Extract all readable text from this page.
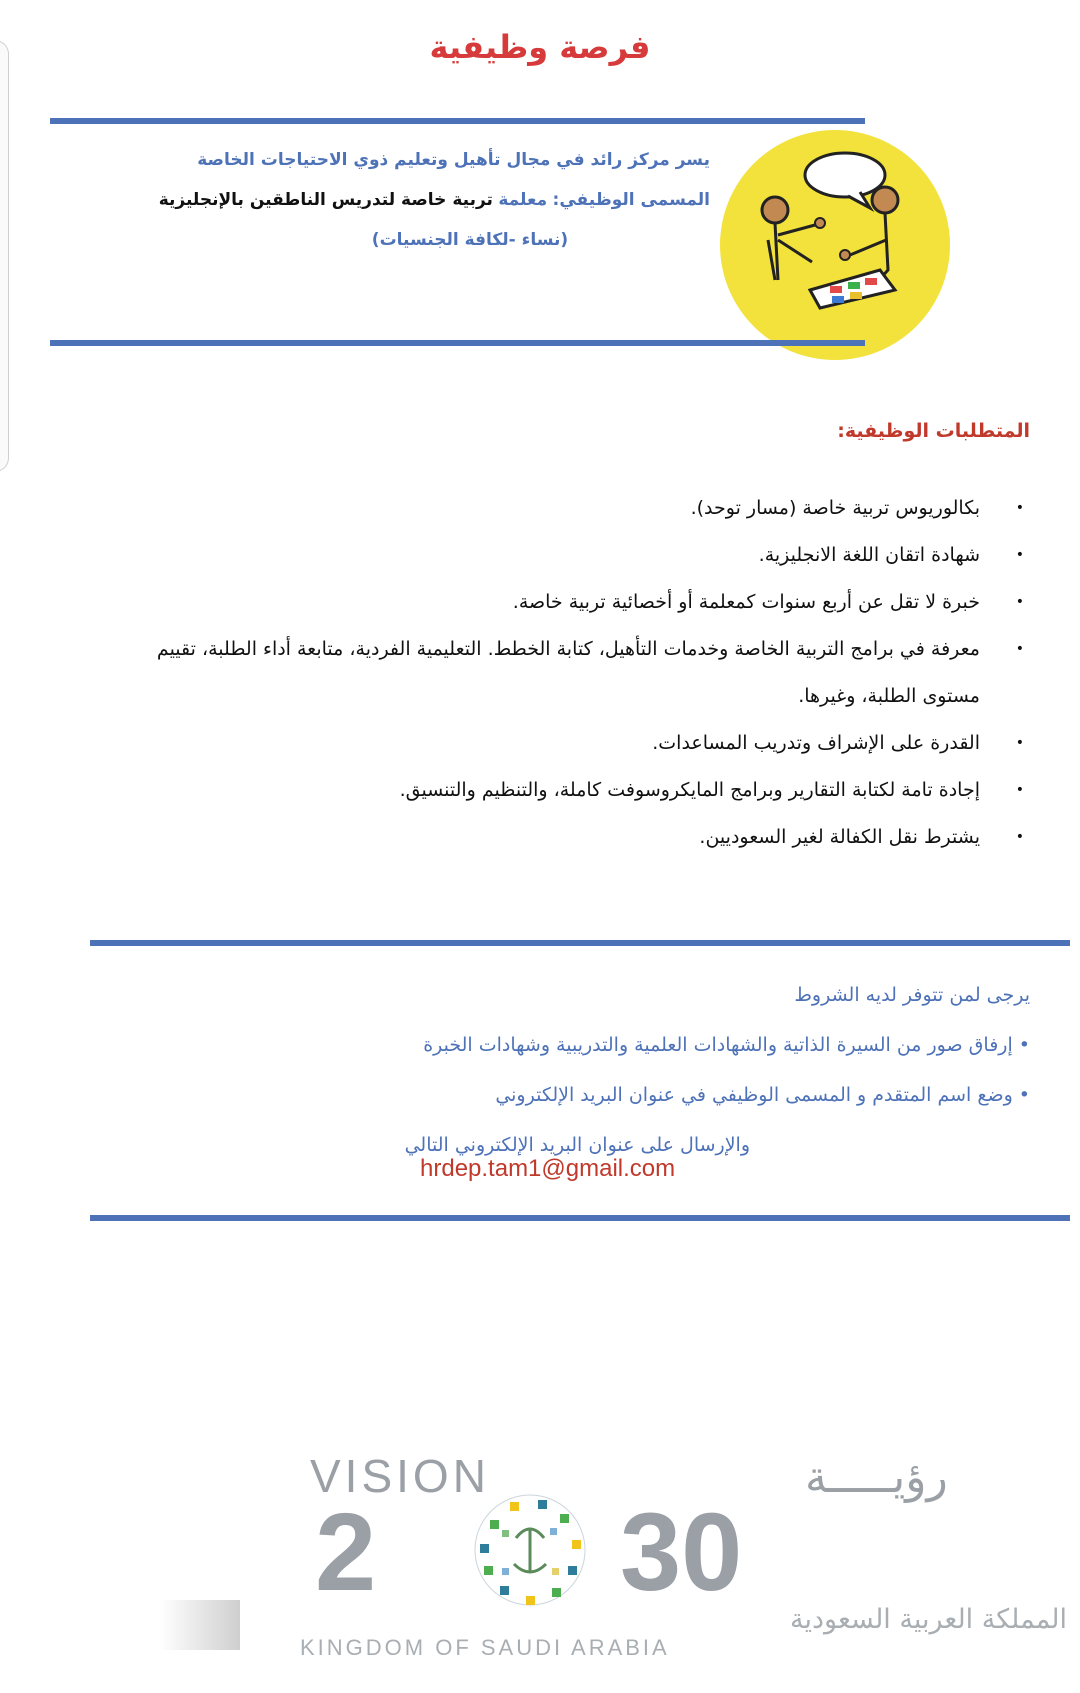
فرصة وظيفية
يسر مركز رائد في مجال تأهيل وتعليم ذوي الاحتياجات الخاصة
المسمى الوظيفي: معلمة تربية خاصة لتدريس الناطقين بالإنجليزية
(نساء -لكافة الجنسيات)
المتطلبات الوظيفية:
• بكالوريوس تربية خاصة (مسار توحد).
• شهادة اتقان اللغة الانجليزية.
• خبرة لا تقل عن أربع سنوات كمعلمة أو أخصائية تربية خاصة.
• معرفة في برامج التربية الخاصة وخدمات التأهيل، كتابة الخطط. التعليمية الفردية، متابعة أداء الطلبة، تقييم مستوى الطلبة، وغيرها.
• القدرة على الإشراف وتدريب المساعدات.
• إجادة تامة لكتابة التقارير وبرامج المايكروسوفت كاملة، والتنظيم والتنسيق.
• يشترط نقل الكفالة لغير السعوديين.
يرجى لمن تتوفر لديه الشروط
• إرفاق صور من السيرة الذاتية والشهادات العلمية والتدريبية وشهادات الخبرة
• وضع اسم المتقدم و المسمى الوظيفي في عنوان البريد الإلكتروني
والإرسال على عنوان البريد الإلكتروني التالي
hrdep.tam1@gmail.com
VISION	رؤيـــــة
2 30
المملكة العربية السعودية
KINGDOM OF SAUDI ARABIA
